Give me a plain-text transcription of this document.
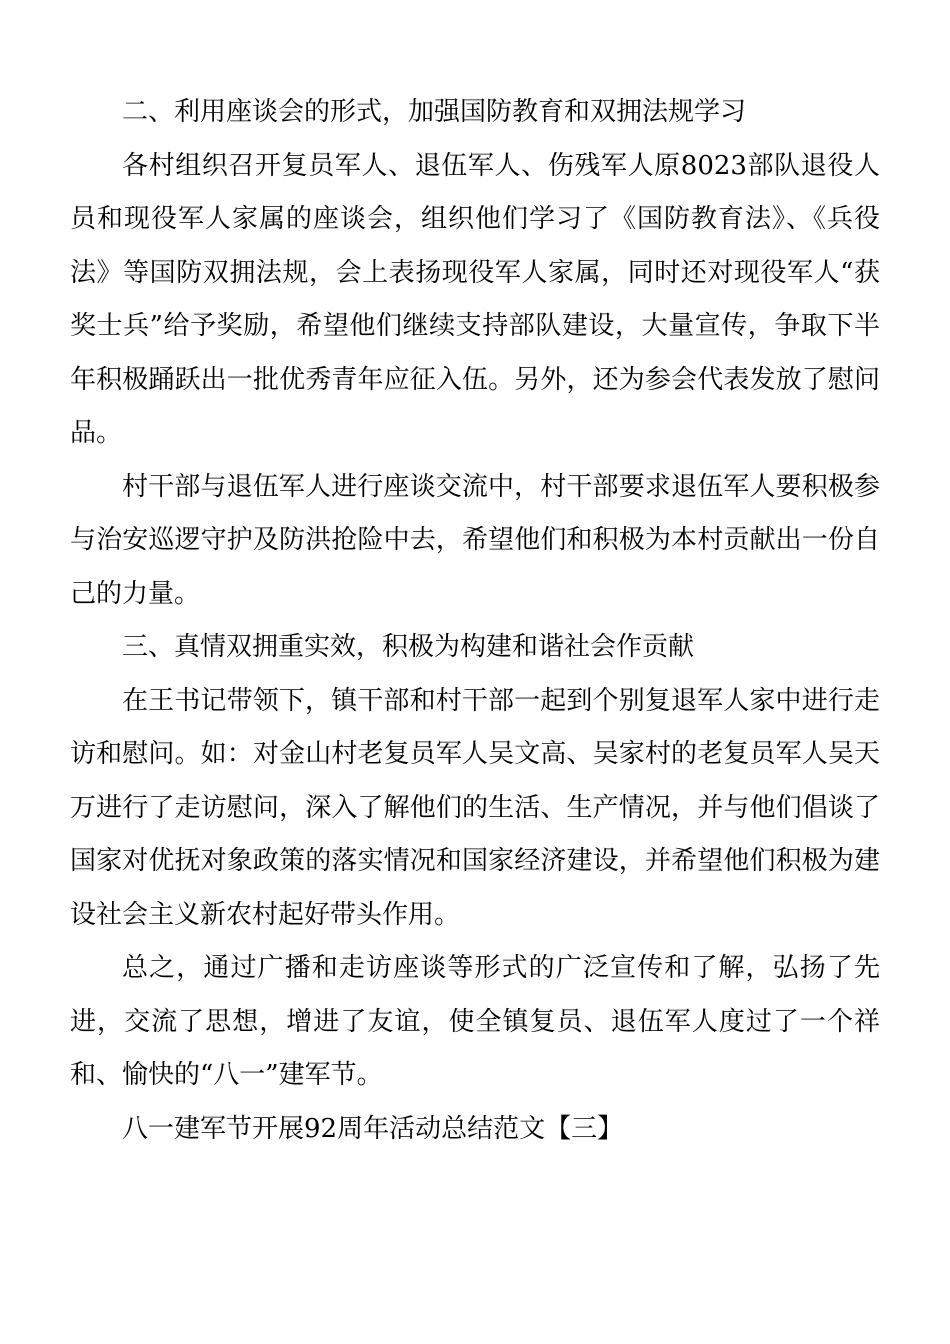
二、利用座谈会的形式，加强国防教育和双拥法规学习

各村组织召开复员军人、退伍军人、伤残军人原8023部队退役人员和现役军人家属的座谈会，组织他们学习了《国防教育法》、《兵役法》等国防双拥法规，会上表扬现役军人家属，同时还对现役军人“获奖士兵”给予奖励，希望他们继续支持部队建设，大量宣传，争取下半年积极踊跃出一批优秀青年应征入伍。另外，还为参会代表发放了慰问品。

村干部与退伍军人进行座谈交流中，村干部要求退伍军人要积极参与治安巡逻守护及防洪抢险中去，希望他们和积极为本村贡献出一份自己的力量。

三、真情双拥重实效，积极为构建和谐社会作贡献

在王书记带领下，镇干部和村干部一起到个别复退军人家中进行走访和慰问。如：对金山村老复员军人吴文高、吴家村的老复员军人吴天万进行了走访慰问，深入了解他们的生活、生产情况，并与他们倡谈了国家对优抚对象政策的落实情况和国家经济建设，并希望他们积极为建设社会主义新农村起好带头作用。

总之，通过广播和走访座谈等形式的广泛宣传和了解，弘扬了先进，交流了思想，增进了友谊，使全镇复员、退伍军人度过了一个祥和、愉快的“八一”建军节。

八一建军节开展92周年活动总结范文【三】
